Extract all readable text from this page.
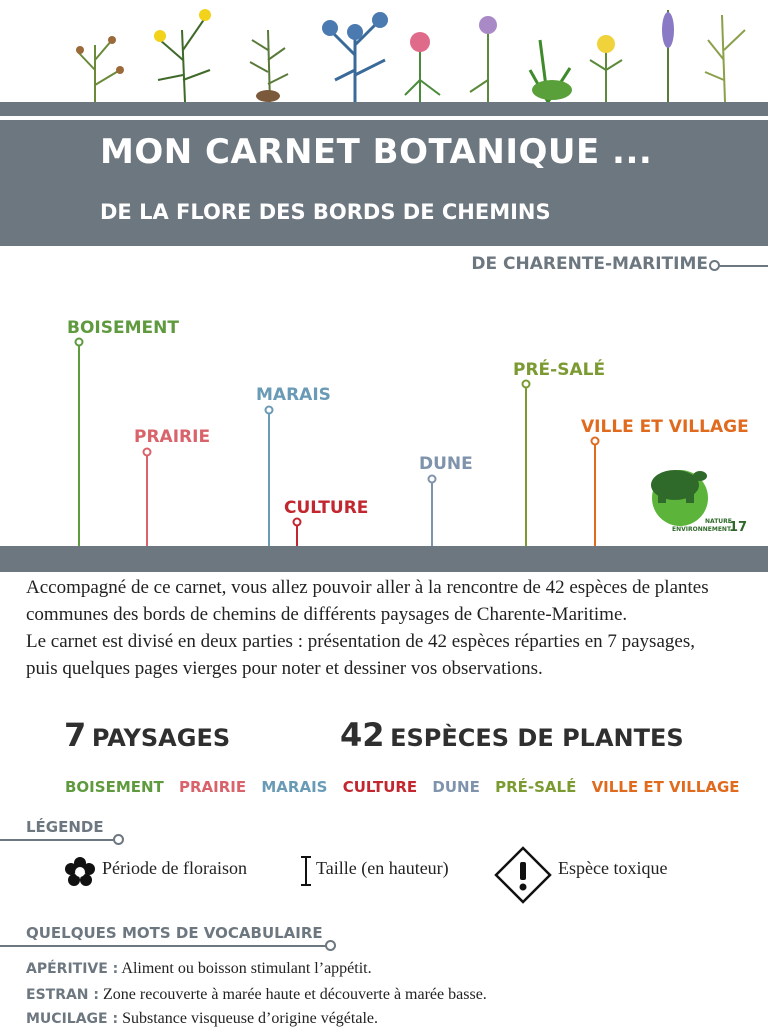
MON CARNET BOTANIQUE ...
DE LA FLORE DES BORDS DE CHEMINS
DE CHARENTE-MARITIME
BOISEMENT
PRAIRIE
MARAIS
CULTURE
DUNE
PRÉ-SALÉ
VILLE ET VILLAGE
NATURE
ENVIRONNEMENT
17

Accompagné de ce carnet, vous allez pouvoir aller à la rencontre de 42 espèces de plantes communes des bords de chemins de différents paysages de Charente-Maritime.

Le carnet est divisé en deux parties : présentation de 42 espèces réparties en 7 paysages, puis quelques pages vierges pour noter et dessiner vos observations.

7 PAYSAGES	42 ESPÈCES DE PLANTES
BOISEMENT PRAIRIE MARAIS CULTURE DUNE PRÉ-SALÉ VILLE ET VILLAGE
LÉGENDE
Période de floraison	Taille (en hauteur)	Espèce toxique
QUELQUES MOTS DE VOCABULAIRE
APÉRITIVE : Aliment ou boisson stimulant l’appétit.
ESTRAN : Zone recouverte à marée haute et découverte à marée basse.
MUCILAGE : Substance visqueuse d’origine végétale.
